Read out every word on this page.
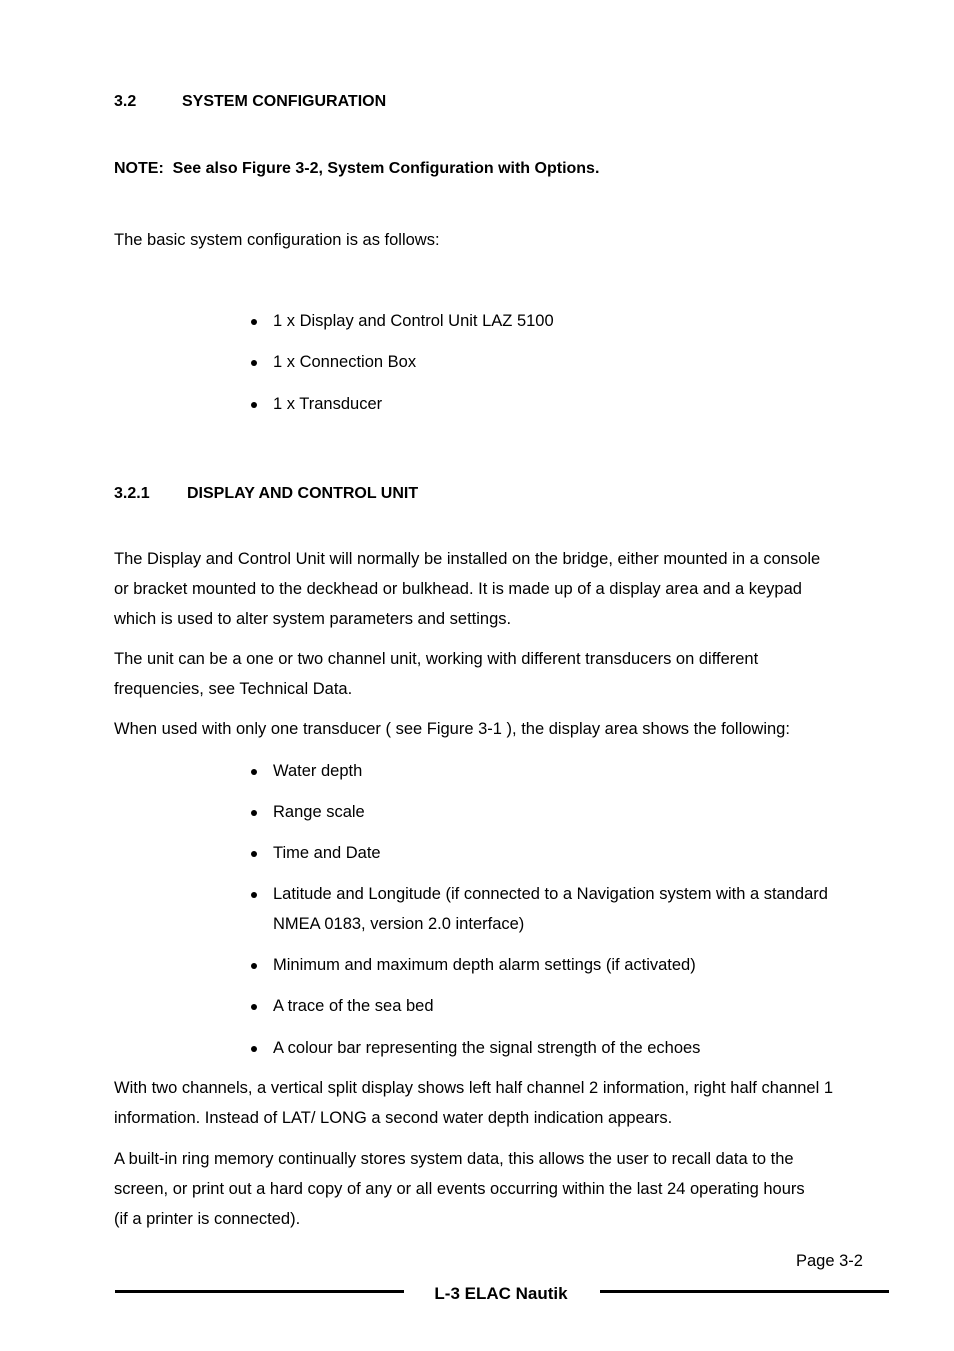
3.2	SYSTEM CONFIGURATION
NOTE: See also Figure 3-2, System Configuration with Options.
The basic system configuration is as follows:
1 x Display and Control Unit LAZ 5100
1 x Connection Box
1 x Transducer
3.2.1 DISPLAY AND CONTROL UNIT
The Display and Control Unit will normally be installed on the bridge, either mounted in a console
or bracket mounted to the deckhead or bulkhead. It is made up of a display area and a keypad
which is used to alter system parameters and settings.
The unit can be a one or two channel unit, working with different transducers on different
frequencies, see Technical Data.
When used with only one transducer ( see Figure 3-1 ), the display area shows the following:
Water depth
Range scale
Time and Date
Latitude and Longitude (if connected to a Navigation system with a standard
NMEA 0183, version 2.0 interface)
Minimum and maximum depth alarm settings (if activated)
A trace of the sea bed
A colour bar representing the signal strength of the echoes
With two channels, a vertical split display shows left half channel 2 information, right half channel 1
information. Instead of LAT/ LONG a second water depth indication appears.
A built-in ring memory continually stores system data, this allows the user to recall data to the
screen, or print out a hard copy of any or all events occurring within the last 24 operating hours
(if a printer is connected).
Page 3-2
L-3 ELAC Nautik
